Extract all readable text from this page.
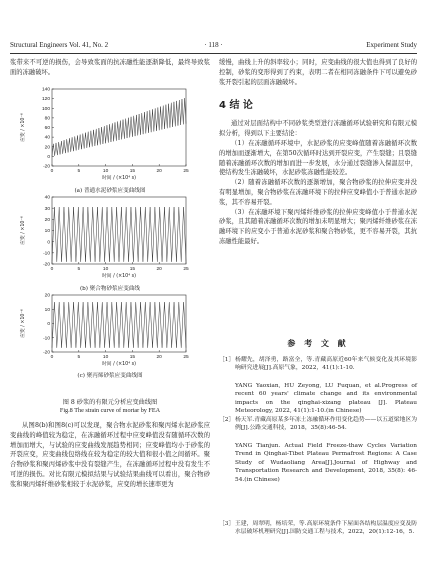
Structural Engineers Vol. 41, No. 2	· 118 ·	Experiment Study

浆带来不可逆的损伤，会导致浆面的抗冻融性能逐渐降低，最终导致浆面的冻融破坏。

-20
0
20
40
60
80
100
120
140
0	5	10	15	20	25
时间 / (×10⁴ s)
应变 / ×10⁻⁶
(a) 普通水泥砂浆应变曲线图
-20
-10
0
10
20
30
40
0	5	10	15	20	25
时间 / (×10⁴ s)
应变 / ×10⁻⁶
(b) 聚合物砂浆应变曲线
-20
-10
0
10
20
0	5	10	15	20	25
时间 / (×10⁴ s)
应变 / ×10⁻⁶
(c) 聚丙烯砂浆应变曲线图
图 8 砂浆的有限元分析应变曲线图
Fig.8 The strain curve of mortar by FEA

从图8(b)和图8(c)可以发现，聚合物水泥砂浆和聚丙烯水泥砂浆应变曲线的峰值较为稳定，在冻融循环过程中应变峰值没有随循环次数的增加而增大，与试验的应变曲线发展趋势相同；应变峰值均小于砂浆的开裂应变，应变曲线包络线在较为稳定的较大值和很小值之间循环。聚合物砂浆和聚丙烯砂浆中没有裂缝产生，在冻融循环过程中没有发生不可逆的损伤。对比有限元模拟结果与试验结果曲线可以看出，聚合物砂浆和聚丙烯纤维砂浆相较于水泥砂浆，应变的增长速率更为

缓慢，曲线上升的斜率较小；同时，应变曲线的很大值也得到了良好的控制，砂浆的变形得到了约束，表明二者在相同冻融条件下可以避免砂浆开裂引起的层面冻融破坏。

4 结 论

通过对层面结构中不同砂浆类型进行冻融循环试验研究和有限元模拟分析，得到以下主要结论：

（1）在冻融循环环境中，水泥砂浆的应变峰值随着冻融循环次数的增加而逐渐增大，在第50次循环时达到开裂应变，产生裂缝；且裂缝随着冻融循环次数的增加而进一步发展，水分通过裂缝渗入保温层中，使结构发生冻融破坏，水泥砂浆冻融性能较差。

（2）随着冻融循环次数的逐渐增加，聚合物砂浆的拉伸应变并没有明显增加，聚合物砂浆在冻融环境下的拉伸应变峰值小于普通水泥砂浆，其不容易开裂。

（3）在冻融环境下聚丙烯纤维砂浆的拉伸应变峰值小于普通水泥砂浆，且其随着冻融循环次数的增加未明显增大；聚丙烯纤维砂浆在冻融环境下的应变小于普通水泥砂浆和聚合物砂浆，更不容易开裂，其抗冻融性能最好。

参 考 文 献
［1］ 杨耀先，胡泽勇，路富全，等.青藏高原近60年来气候变化及其环境影响研究进展[J].高原气象，2022，41(1):1-10.
YANG Yaoxian, HU Zeyong, LU Fuquan, et al.Progress of recent 60 years' climate change and its environmental impacts on the qinghai-xizang plateau [J]. Plateau Meteorology, 2022, 41(1):1-10.(in Chinese)
［2］ 杨天军.青藏高原某多年冻土冻融循环作用变化趋势——以五道梁地区为例[J].公路交通科技，2018，35(8):46-54.
YANG Tianjun. Actual Field Freeze-thaw Cycles Variation Trend in Qinghai-Tibet Plateau Permafrost Regions: A Case Study of Wudaoliang Area[J].Journal of Highway and Transportation Research and Development, 2018, 35(8): 46-54.(in Chinese)
［3］ 王建，周翠明，杨培荣，等.高原环境条件下屋面各结构层温度应变及防水层破坏机理研究[J].国防交通工程与技术，2022，20(1):12-16，5.
